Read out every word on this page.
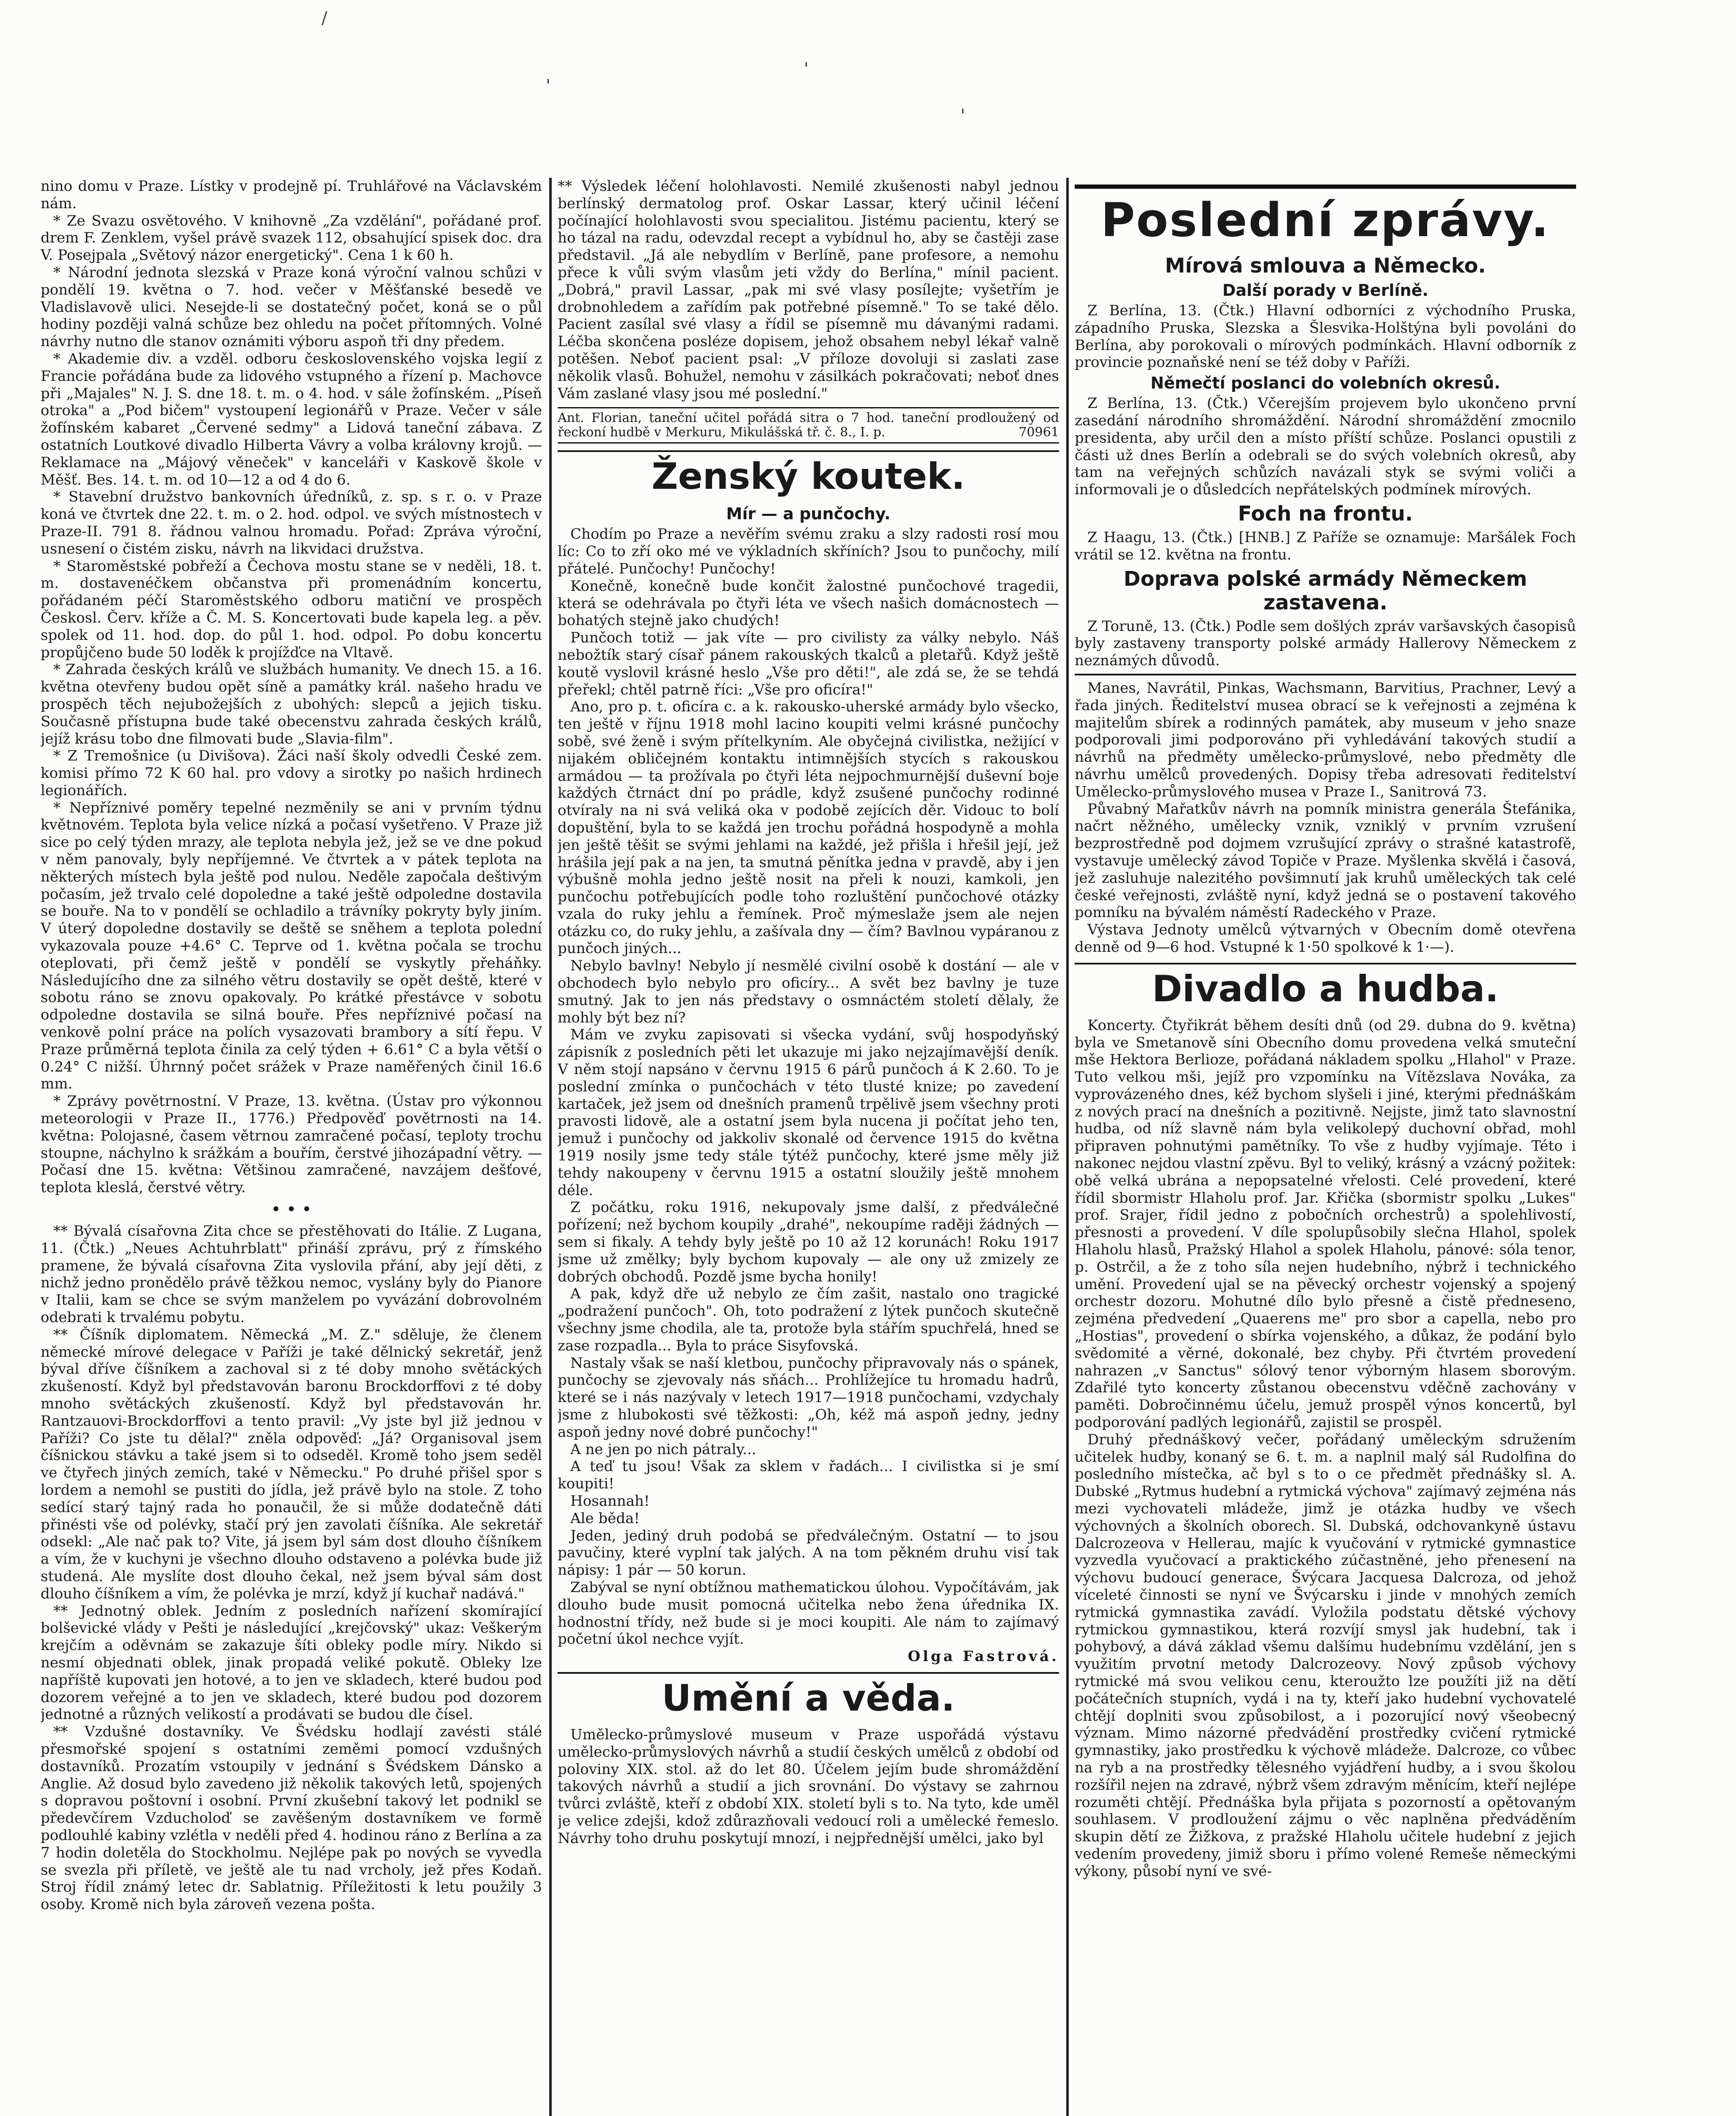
/
'
'
'

nino domu v Praze. Lístky v prodejně pí. Truhlářové na Václavském nám.

* Ze Svazu osvětového. V knihovně „Za vzdělání", pořádané prof. drem F. Zenklem, vyšel právě svazek 112, obsahující spisek doc. dra V. Posejpala „Světový názor energetický". Cena 1 k 60 h.

* Národní jednota slezská v Praze koná výroční valnou schůzi v pondělí 19. května o 7. hod. večer v Měšťanské besedě ve Vladislavově ulici. Nesejde-li se dostatečný počet, koná se o půl hodiny později valná schůze bez ohledu na počet přítomných. Volné návrhy nutno dle stanov oznámiti výboru aspoň tři dny předem.

* Akademie div. a vzděl. odboru československého vojska legií z Francie pořádána bude za lidového vstupného a řízení p. Machovce při „Majales" N. J. S. dne 18. t. m. o 4. hod. v sále žofínském. „Píseň otroka" a „Pod bičem" vystoupení legionářů v Praze. Večer v sále žofínském kabaret „Červené sedmy" a Lidová taneční zábava. Z ostatních Loutkové divadlo Hilberta Vávry a volba královny krojů. — Reklamace na „Májový věneček" v kanceláři v Kaskově škole v Měšť. Bes. 14. t. m. od 10—12 a od 4 do 6.

* Stavební družstvo bankovních úředníků, z. sp. s r. o. v Praze koná ve čtvrtek dne 22. t. m. o 2. hod. odpol. ve svých místnostech v Praze-II. 791 8. řádnou valnou hromadu. Pořad: Zpráva výroční, usnesení o čistém zisku, návrh na likvidaci družstva.

* Staroměstské pobřeží a Čechova mostu stane se v neděli, 18. t. m. dostavenéčkem občanstva při promenádním koncertu, pořádaném péčí Staroměstského odboru matiční ve prospěch Českosl. Červ. kříže a Č. M. S. Koncertovati bude kapela leg. a pěv. spolek od 11. hod. dop. do půl 1. hod. odpol. Po dobu koncertu propůjčeno bude 50 loděk k projížďce na Vltavě.

* Zahrada českých králů ve službách humanity. Ve dnech 15. a 16. května otevřeny budou opět síně a památky král. našeho hradu ve prospěch těch nejubožejších z ubohých: slepců a jejich tisku. Současně přístupna bude také obecenstvu zahrada českých králů, jejíž krásu tobo dne filmovati bude „Slavia-film".

* Z Tremošnice (u Divišova). Žáci naší školy odvedli České zem. komisi přímo 72 K 60 hal. pro vdovy a sirotky po našich hrdinech legionářích.

* Nepříznivé poměry tepelné nezměnily se ani v prvním týdnu květnovém. Teplota byla velice nízká a počasí vyšetřeno. V Praze již sice po celý týden mrazy, ale teplota nebyla jež, jež se ve dne pokud v něm panovaly, byly nepříjemné. Ve čtvrtek a v pátek teplota na některých místech byla ještě pod nulou. Neděle započala deštivým počasím, jež trvalo celé dopoledne a také ještě odpoledne dostavila se bouře. Na to v pondělí se ochladilo a trávníky pokryty byly jiním. V úterý dopoledne dostavily se deště se sněhem a teplota polední vykazovala pouze +4.6° C. Teprve od 1. května počala se trochu oteplovati, při čemž ještě v pondělí se vyskytly přeháňky. Následujícího dne za silného větru dostavily se opět deště, které v sobotu ráno se znovu opakovaly. Po krátké přestávce v sobotu odpoledne dostavila se silná bouře. Přes nepříznivé počasí na venkově polní práce na polích vysazovati brambory a sítí řepu. V Praze průměrná teplota činila za celý týden + 6.61° C a byla větší o 0.24° C nižší. Úhrnný počet srážek v Praze naměřených činil 16.6 mm.

* Zprávy povětrnostní. V Praze, 13. května. (Ústav pro výkonnou meteorologii v Praze II., 1776.) Předpověď povětrnosti na 14. května: Polojasné, časem větrnou zamračené počasí, teploty trochu stoupne, náchylno k srážkám a bouřím, čerstvé jihozápadní větry. — Počasí dne 15. května: Většinou zamračené, navzájem dešťové, teplota kleslá, čerstvé větry.

• • •

** Bývalá císařovna Zita chce se přestěhovati do Itálie. Z Lugana, 11. (Čtk.) „Neues Achtuhrblatt" přináší zprávu, prý z římského pramene, že bývalá císařovna Zita vyslovila přání, aby její děti, z nichž jedno pronědělo právě těžkou nemoc, vyslány byly do Pianore v Italii, kam se chce se svým manželem po vyvázání dobrovolném odebrati k trvalému pobytu.

** Číšník diplomatem. Německá „M. Z." sděluje, že členem německé mírové delegace v Paříži je také dělnický sekretář, jenž býval dříve číšníkem a zachoval si z té doby mnoho světáckých zkušeností. Když byl představován baronu Brockdorffovi z té doby mnoho světáckých zkušeností. Když byl představován hr. Rantzauovi-Brockdorffovi a tento pravil: „Vy jste byl již jednou v Paříži? Co jste tu dělal?" zněla odpověď: „Já? Organisoval jsem číšnickou stávku a také jsem si to odseděl. Kromě toho jsem seděl ve čtyřech jiných zemích, také v Německu." Po druhé přišel spor s lordem a nemohl se pustiti do jídla, jež právě bylo na stole. Z toho sedící starý tajný rada ho ponaučil, že si může dodatečně dáti přinésti vše od polévky, stačí prý jen zavolati číšníka. Ale sekretář odsekl: „Ale nač pak to? Vite, já jsem byl sám dost dlouho číšníkem a vím, že v kuchyni je všechno dlouho odstaveno a polévka bude již studená. Ale myslíte dost dlouho čekal, než jsem býval sám dost dlouho číšníkem a vím, že polévka je mrzí, když jí kuchař nadává."

** Jednotný oblek. Jedním z posledních nařízení skomírající bolševické vlády v Pešti je následující „krejčovský" ukaz: Veškerým krejčím a oděvnám se zakazuje šíti obleky podle míry. Nikdo si nesmí objednati oblek, jinak propadá veliké pokutě. Oblekу lze napříště kupovati jen hotové, a to jen ve skladech, které budou pod dozorem veřejné a to jen ve skladech, které budou pod dozorem jednotné a různých velikostí a prodávati se budou dle čísel.

** Vzdušné dostavníky. Ve Švédsku hodlají zavésti stálé přesmořské spojení s ostatními zeměmi pomocí vzdušných dostavníků. Prozatím vstoupily v jednání s Švédskem Dánsko a Anglie. Až dosud bylo zavedeno již několik takových letů, spojených s dopravou poštovní i osobní. První zkušební takový let podnikl se předevčírem Vzducholoď se zavěšeným dostavníkem ve formě podlouhlé kabiny vzlétla v neděli před 4. hodinou ráno z Berlína a za 7 hodin doletěla do Stockholmu. Nejlépe pak po nových se vyvedla se svezla při příletě, ve ještě ale tu nad vrcholy, jež přes Kodaň. Stroj řídil známý letec dr. Sablatnig. Příležitosti k letu použily 3 osoby. Kromě nich byla zároveň vezena pošta.

** Výsledek léčení holohlavosti. Nemilé zkušenosti nabyl jednou berlínský dermatolog prof. Oskar Lassar, který učinil léčení počínající holohlavosti svou specialitou. Jistému pacientu, který se ho tázal na radu, odevzdal recept a vybídnul ho, aby se častěji zase představil. „Já ale nebydlím v Berlíně, pane profesore, a nemohu přece k vůli svým vlasům jeti vždy do Berlína," mínil pacient. „Dobrá," pravil Lassar, „pak mi své vlasy posílejte; vyšetřím je drobnohledem a zařídím pak potřebné písemně." To se také dělo. Pacient zasílal své vlasy a řídil se písemně mu dávanými radami. Léčba skončena posléze dopisem, jehož obsahem nebyl lékař valně potěšen. Neboť pacient psal: „V příloze dovoluji si zaslati zase několik vlasů. Bohužel, nemohu v zásilkách pokračovati; neboť dnes Vám zaslané vlasy jsou mé poslední."

Ant. Florian, taneční učitel pořádá sitra o 7 hod. taneční prodloužený od řeckoní hudbě v Merkuru, Mikulášská tř. č. 8., I. p.	70961
Ženský koutek.
Mír — a punčochy.

Chodím po Praze a nevěřím svému zraku a slzy radosti rosí mou líc: Co to zří oko mé ve výkladních skříních? Jsou to punčochy, milí přátelé. Punčochy! Punčochy!

Konečně, konečně bude končit žalostné punčochové tragedii, která se odehrávala po čtyři léta ve všech našich domácnostech — bohatých stejně jako chudých!

Punčoch totiž — jak víte — pro civilisty za války nebylo. Náš nebožtík starý císař pánem rakouských tkalců a pletařů. Když ještě koutě vyslovil krásné heslo „Vše pro děti!", ale zdá se, že se tehdá přeřekl; chtěl patrně říci: „Vše pro oficíra!"

Ano, pro p. t. oficíra c. a k. rakousko-uherské armády bylo všecko, ten ještě v říjnu 1918 mohl lacino koupiti velmi krásné punčochy sobě, své ženě i svým přítelkyním. Ale obyčejná civilistka, nežijící v nijakém obličejném kontaktu intimnějších stycích s rakouskou armádou — ta prožívala po čtyři léta nejpochmurnější duševní boje každých čtrnáct dní po prádle, když zsušené punčochy rodinné otvíraly na ni svá veliká oka v podobě zejících děr. Vidouc to bolí dopuštění, byla to se každá jen trochu pořádná hospodyně a mohla jen ještě těšit se svými jehlami na každé, jež přišla i hřešil její, jež hrášila její pak a na jen, ta smutná pěnítka jedna v pravdě, aby i jen výbušně mohla jedno ještě nosit na přeli k nouzi, kamkoli, jen punčochu potřebujících podle toho rozluštění punčochové otázky vzala do ruky jehlu a řemínek. Proč mýmeslaže jsem ale nejen otázku co, do ruky jehlu, a zašívala dny — čím? Bavlnou vypáranou z punčoch jiných...

Nebylo bavlny! Nebylo jí nesmělé civilní osobě k dostání — ale v obchodech bylo nebylo pro oficíry... A svět bez bavlny je tuze smutný. Jak to jen nás představy o osmnáctém století dělaly, že mohly být bez ní?

Mám ve zvyku zapisovati si všecka vydání, svůj hospodyňský zápisník z posledních pěti let ukazuje mi jako nejzajímavější deník. V něm stojí napsáno v červnu 1915 6 párů punčoch á K 2.60. To je poslední zmínka o punčochách v této tlusté knize; po zavedení kartaček, jež jsem od dnešních pramenů trpělivě jsem všechny proti pravosti lidově, ale a ostatní jsem byla nucena ji počítat jeho ten, jemuž i punčochy od jakkoliv skonalé od července 1915 do května 1919 nosily jsme tedy stále týtéž punčochy, které jsme měly již tehdy nakoupeny v červnu 1915 a ostatní sloužily ještě mnohem déle.

Z počátku, roku 1916, nekupovaly jsme další, z předválečné pořízení; než bychom koupily „drahé", nekoupíme raději žádných — sem si fikaly. A tehdy byly ještě po 10 až 12 korunách! Roku 1917 jsme už změlky; byly bychom kupovaly — ale ony už zmizely ze dobrých obchodů. Pozdě jsme bycha honily!

A pak, když dře už nebylo ze čím zašit, nastalo ono tragické „podražení punčoch". Oh, toto podražení z lýtek punčoch skutečně všechny jsme chodila, ale ta, protože byla stářím spuchřelá, hned se zase rozpadla... Byla to práce Sisyfovská.

Nastaly však se naší kletbou, punčochy připravovaly nás o spánek, punčochy se zjevovaly nás sňách... Prohlížejíce tu hromadu hadrů, které se i nás nazývaly v letech 1917—1918 punčochami, vzdychaly jsme z hlubokosti své těžkosti: „Oh, kéž má aspoň jedny, jedny aspoň jedny nové dobré punčochy!"

A ne jen po nich pátraly...

A teď tu jsou! Však za sklem v řadách... I civilistka si je smí koupiti!

Hosannah!

Ale běda!

Jeden, jediný druh podobá se předválečným. Ostatní — to jsou pavučiny, které vyplní tak jalých. A na tom pěkném druhu visí tak nápisy: 1 pár — 50 korun.

Zabýval se nyní obtížnou mathematickou úlohou. Vypočítávám, jak dlouho bude musit pomocná učitelka nebo žena úřednika IX. hodnostní třídy, než bude si je moci koupiti. Ale nám to zajímavý početní úkol nechce vyjít.

Olga Fastrová.

Umění a věda.

Umělecko-průmyslové museum v Praze uspořádá výstavu umělecko-průmyslových návrhů a studií českých umělců z období od poloviny XIX. stol. až do let 80. Účelem jejím bude shromáždění takových návrhů a studií a jich srovnání. Do výstavy se zahrnou tvůrci zvláště, kteří z období XIX. století byli s to. Na tyto, kde uměl je velice zdejši, kdož zdůrazňovali vedoucí roli a umělecké řemeslo. Návrhy toho druhu poskytují mnozí, i nejpřednější umělci, jako byl

Poslední zprávy.
Mírová smlouva a Německo.
Další porady v Berlíně.

Z Berlína, 13. (Čtk.) Hlavní odborníci z východního Pruska, západního Pruska, Slezska a Šlesvika-Holštýna byli povoláni do Berlína, aby porokovali o mírových podmínkách. Hlavní odborník z provincie poznaňské není se též doby v Paříži.

Němečtí poslanci do volebních okresů.

Z Berlína, 13. (Čtk.) Včerejším projevem bylo ukončeno první zasedání národního shromáždění. Národní shromáždění zmocnilo presidenta, aby určil den a místo příští schůze. Poslanci opustili z části už dnes Berlín a odebrali se do svých volebních okresů, aby tam na veřejných schůzích navázali styk se svými voliči a informovali je o důsledcích nepřátelských podmínek mírových.

Foch na frontu.

Z Haagu, 13. (Čtk.) [HNB.] Z Paříže se oznamuje: Maršálek Foch vrátil se 12. května na frontu.

Doprava polské armády Německem zastavena.

Z Toruně, 13. (Čtk.) Podle sem došlých zpráv varšavských časopisů byly zastaveny transporty polské armády Hallerovy Německem z neznámých důvodů.

Manes, Navrátil, Pinkas, Wachsmann, Barvitius, Prachner, Levý a řada jiných. Ředitelství musea obrací se k veřejnosti a zejména k majitelům sbírek a rodinných památek, aby museum v jeho snaze podporovali jimi podporováno při vyhledávání takových studií a návrhů na předměty umělecko-průmyslové, nebo předměty dle návrhu umělců provedených. Dopisy třeba adresovati ředitelství Umělecko-průmyslového musea v Praze I., Sanitrová 73.

Půvabný Mařatkův návrh na pomník ministra generála Štefánika, načrt něžného, umělecky vznik, vzniklý v prvním vzrušení bezprostředně pod dojmem vzrušující zprávy o strašné katastrofě, vystavuje umělecký závod Topiče v Praze. Myšlenka skvělá i časová, jež zasluhuje nalezitého povšimnutí jak kruhů uměleckých tak celé české veřejnosti, zvláště nyní, když jedná se o postavení takového pomníku na bývalém náměstí Radeckého v Praze.

Výstava Jednoty umělců výtvarných v Obecním domě otevřena denně od 9—6 hod. Vstupné k 1·50 spolkové k 1·—).

Divadlo a hudba.

Koncerty. Čtyřikrát během desíti dnů (od 29. dubna do 9. května) byla ve Smetanově síni Obecního domu provedena velká smuteční mše Hektora Berlioze, pořádaná nákladem spolku „Hlahol" v Praze. Tuto velkou mši, jejíž pro vzpomínku na Vítězslava Nováka, za vyprovázeného dnes, kéž bychom slyšeli i jiné, kterými přednáškám z nových prací na dnešních a pozitivně. Nejjste, jimž tato slavnostní hudba, od níž slavně nám byla velikolepý duchovní obřad, mohl připraven pohnutými pamětníky. To vše z hudby vyjímaje. Této i nakonec nejdou vlastní zpěvu. Byl to veliký, krásný a vzácný požitek: obě velká ubrána a nepopsatelné vřelosti. Celé provedení, které řídil sbormistr Hlaholu prof. Jar. Křička (sbormistr spolku „Lukes" prof. Srajer, řídil jedno z pobočních orchestrů) a spolehlivostí, přesnosti a provedení. V díle spolupůsobily slečna Hlahol, spolek Hlaholu hlasů, Pražský Hlahol a spolek Hlaholu, pánové: sóla tenor, p. Ostrčil, a že z toho síla nejen hudebního, nýbrž i technického umění. Provedení ujal se na pěvecký orchestr vojenský a spojený orchestr dozoru. Mohutné dílo bylo přesně a čistě předneseno, zejména předvedení „Quaerens me" pro sbor a capella, nebo pro „Hostias", provedení o sbírka vojenského, a důkaz, že podání bylo svědomité a věrné, dokonalé, bez chyby. Při čtvrtém provedení nahrazen „v Sanctus" sólový tenor výborným hlasem sborovým. Zdařilé tyto koncerty zůstanou obecenstvu vděčně zachovány v paměti. Dobročinnému účelu, jemuž prospěl výnos koncertů, byl podporování padlých legionářů, zajistil se prospěl.

Druhý přednáškový večer, pořádaný uměleckým sdružením učitelek hudby, konaný se 6. t. m. a naplnil malý sál Rudolfina do posledního místečka, ač byl s to o ce předmět přednášky sl. A. Dubské „Rytmus hudební a rytmická výchova" zajímavý zejména nás mezi vychovateli mládeže, jimž je otázka hudby ve všech výchovných a školních oborech. Sl. Dubská, odchovankyně ústavu Dalcrozeova v Hellerau, majíc k vyučování v rytmické gymnastice vyzvedla vyučovací a praktického zúčastněné, jeho přenesení na výchovu budoucí generace, Švýcara Jacquesa Dalcroza, od jehož víceleté činnosti se nyní ve Švýcarsku i jinde v mnohých zemích rytmická gymnastika zavádí. Vyložila podstatu dětské výchovy rytmickou gymnastikou, která rozvíjí smysl jak hudební, tak i pohybový, a dává základ všemu dalšímu hudebnímu vzdělání, jen s využitím prvotní metody Dalcrozeovy. Nový způsob výchovy rytmické má svou velikou cenu, kteroužto lze použíti již na dětí počátečních stupních, vydá i na ty, kteří jako hudební vychovatelé chtějí doplniti svou způsobilost, a i pozorující nový všeobecný význam. Mimo názorné předvádění prostředky cvičení rytmické gymnastiky, jako prostředku k výchově mládeže. Dalcroze, co vůbec na ryb a na prostředky tělesného vyjádření hudby, a i svou školou rozšířil nejen na zdravé, nýbrž všem zdravým měnícím, kteří nejlépe rozuměti chtějí. Přednáška byla přijata s pozorností a opětovaným souhlasem. V prodloužení zájmu o věc naplněna předváděním skupin dětí ze Žižkova, z pražské Hlaholu učitele hudební z jejich vedením provedeny, jimiž sboru i přímo volené Remeše německými výkony, působí nyní ve své-
